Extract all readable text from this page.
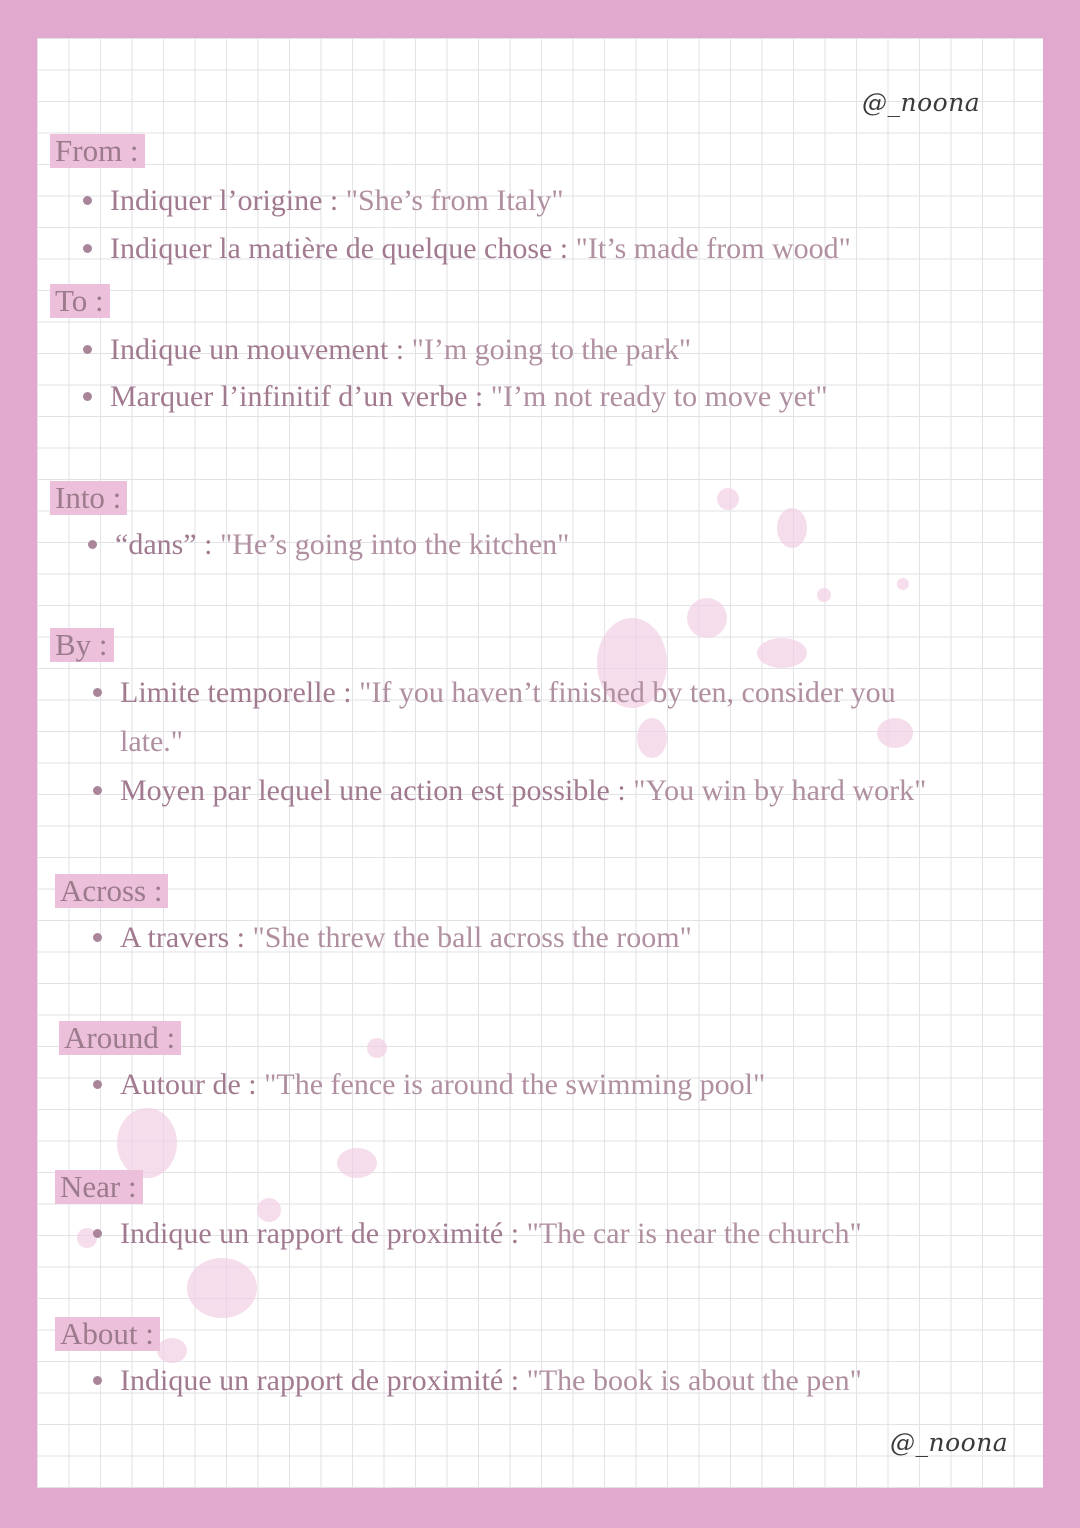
@_noona
From :
Indiquer l’origine : "She’s from Italy"
Indiquer la matière de quelque chose : "It’s made from wood"
To :
Indique un mouvement : "I’m going to the park"
Marquer l’infinitif d’un verbe : "I’m not ready to move yet"
Into :
“dans” : "He’s going into the kitchen"
By :
Limite temporelle : "If you haven’t finished by ten, consider you
late."
Moyen par lequel une action est possible : "You win by hard work"
Across :
A travers : "She threw the ball across the room"
Around :
Autour de : "The fence is around the swimming pool"
Near :
Indique un rapport de proximité : "The car is near the church"
About :
Indique un rapport de proximité : "The book is about the pen"
@_noona
